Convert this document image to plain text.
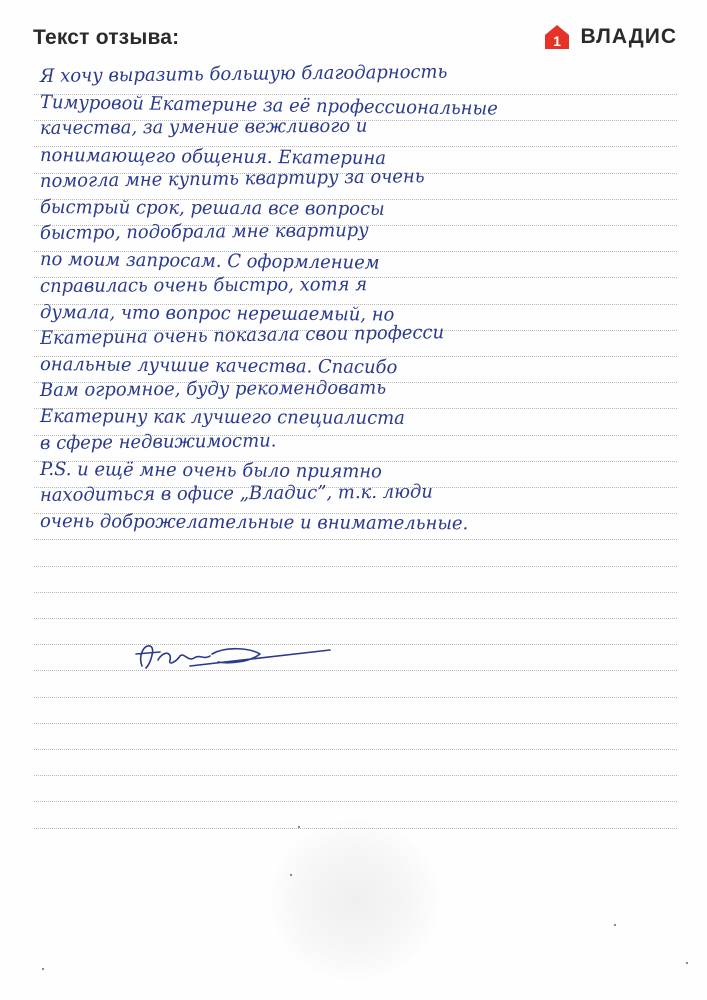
Текст отзыва:	1 ВЛАДИС
Я хочу выразить большую благодарность
Тимуровой Екатерине за её профессиональные
качества, за умение вежливого и
понимающего общения. Екатерина
помогла мне купить квартиру за очень
быстрый срок, решала все вопросы
быстро, подобрала мне квартиру
по моим запросам. С оформлением
справилась очень быстро, хотя я
думала, что вопрос нерешаемый, но
Екатерина очень показала свои професси
ональные лучшие качества. Спасибо
Вам огромное, буду рекомендовать
Екатерину как лучшего специалиста
в сфере недвижимости.
P.S. и ещё мне очень было приятно
находиться в офисе „Владис”, т.к. люди
очень доброжелательные и внимательные.
